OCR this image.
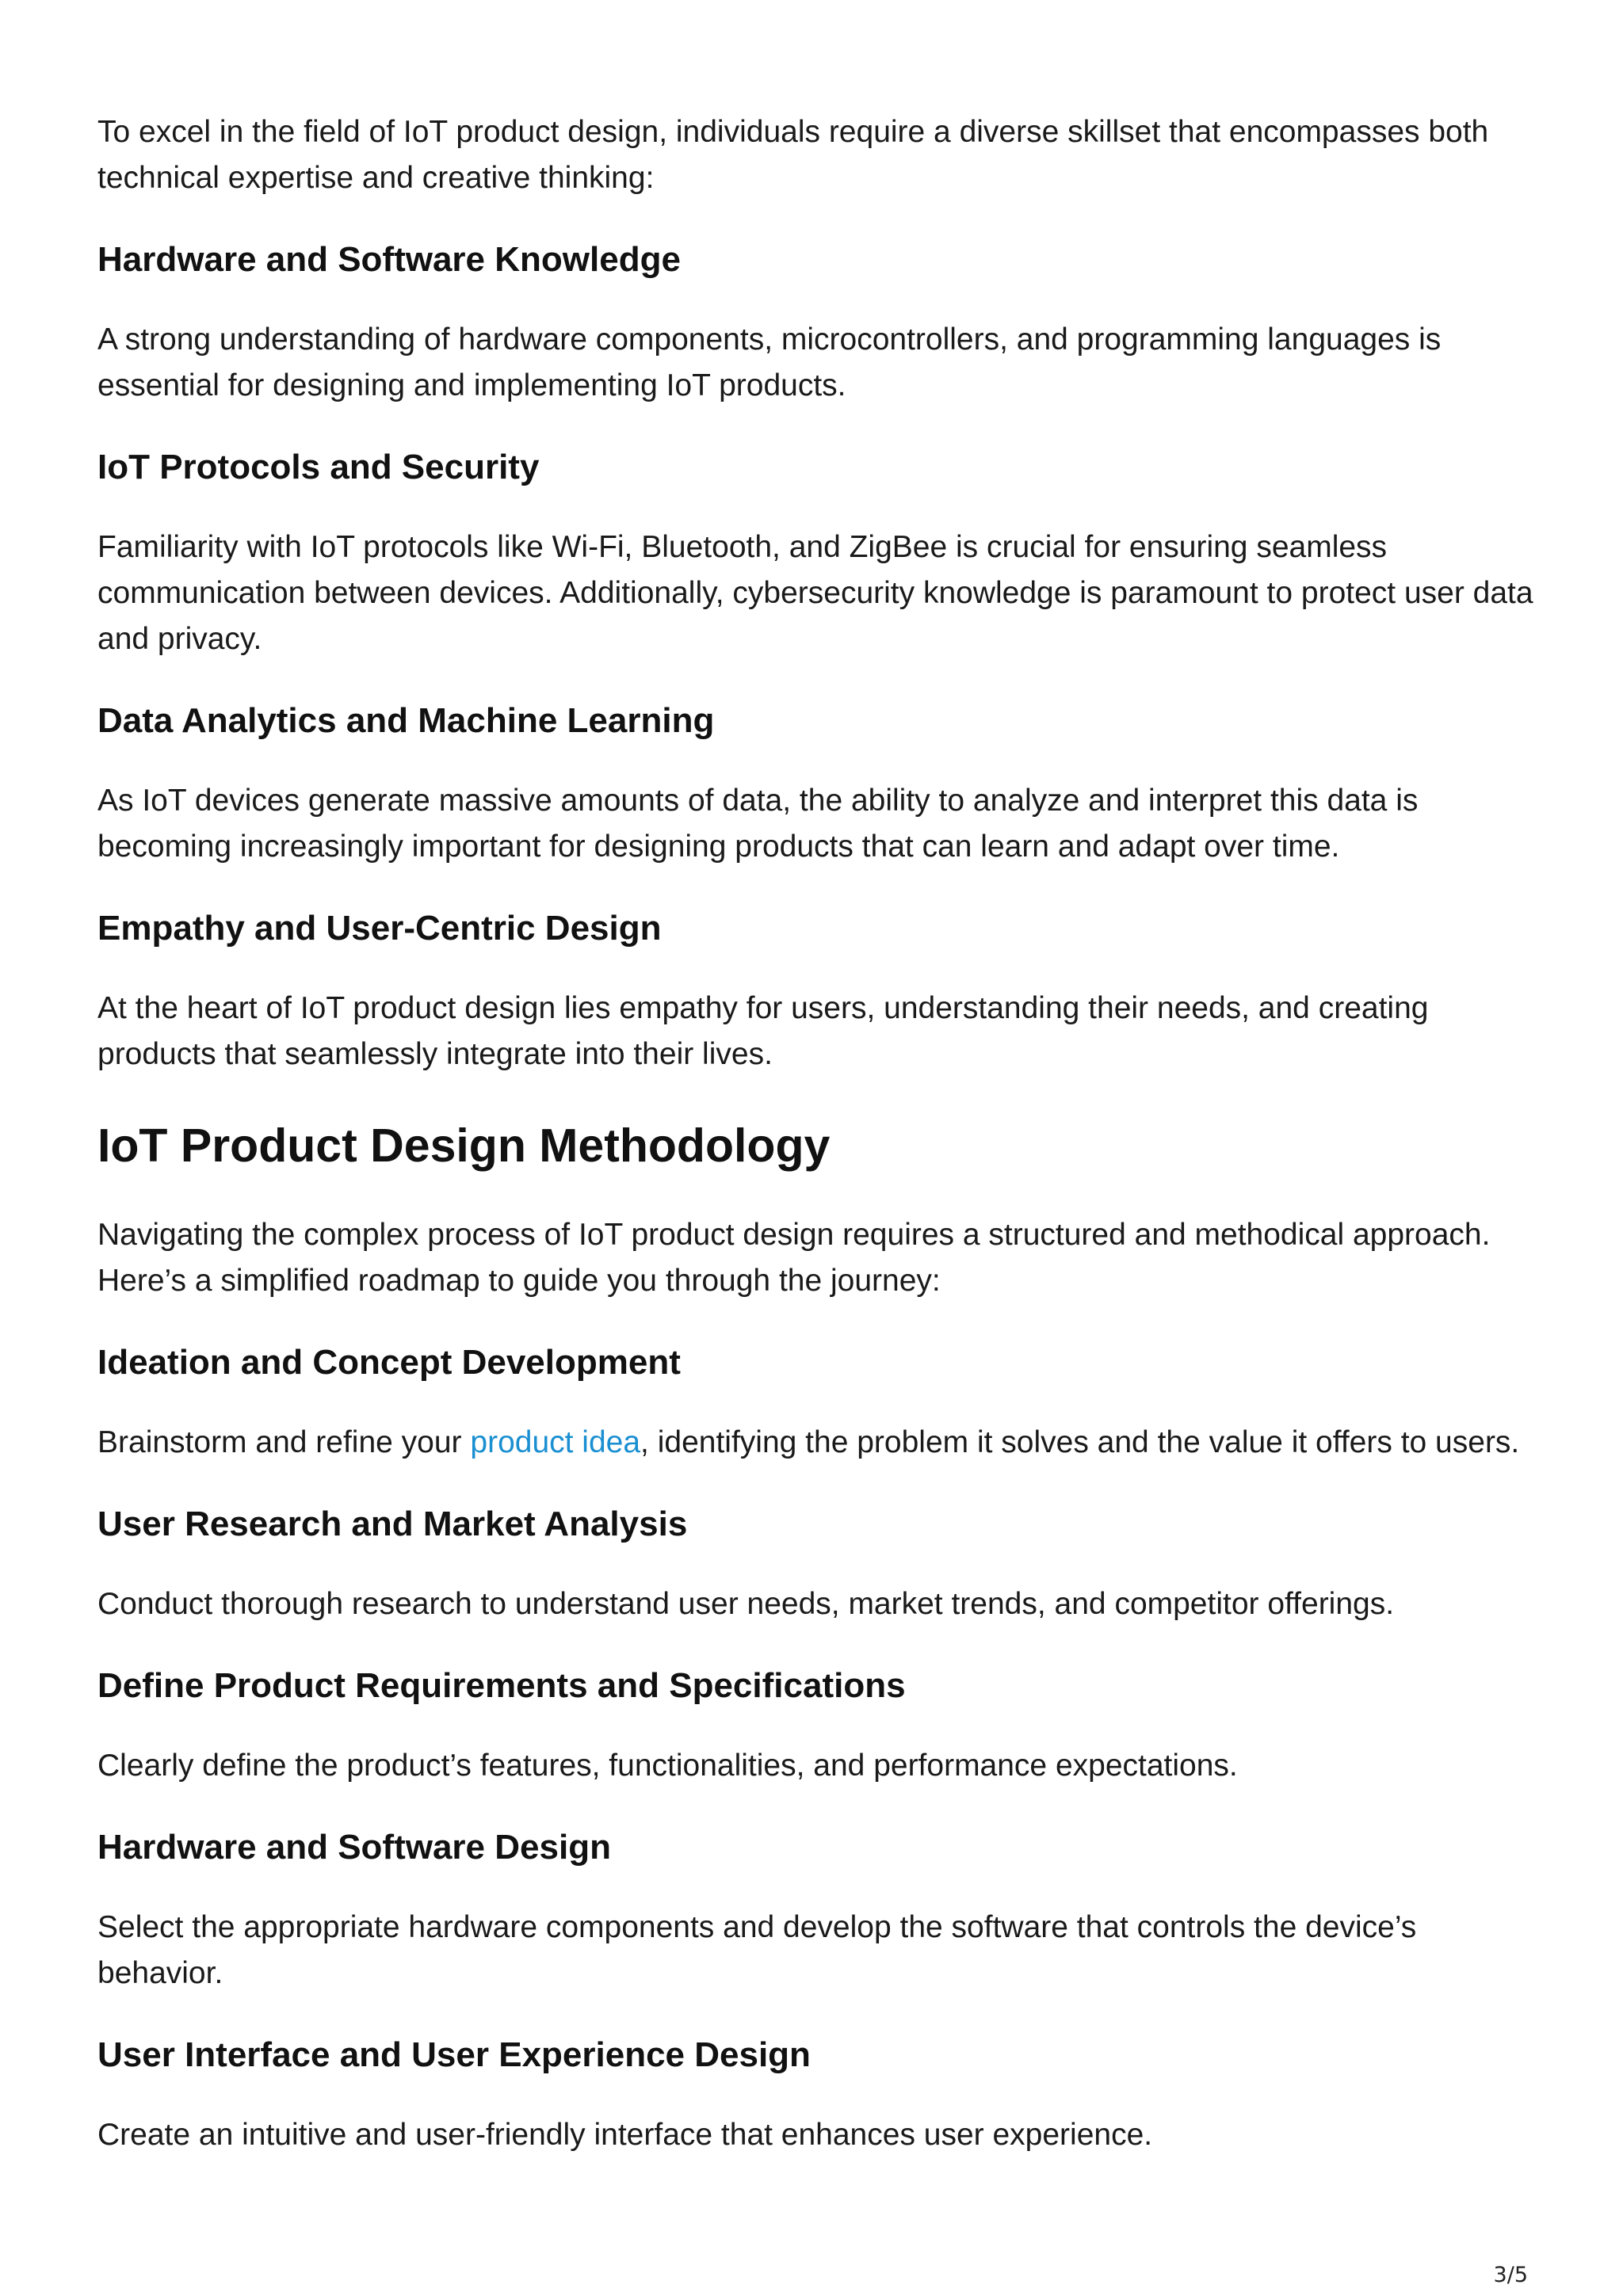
To excel in the field of IoT product design, individuals require a diverse skillset that encompasses both technical expertise and creative thinking:

Hardware and Software Knowledge

A strong understanding of hardware components, microcontrollers, and programming languages is essential for designing and implementing IoT products.

IoT Protocols and Security

Familiarity with IoT protocols like Wi-Fi, Bluetooth, and ZigBee is crucial for ensuring seamless communication between devices. Additionally, cybersecurity knowledge is paramount to protect user data and privacy.

Data Analytics and Machine Learning

As IoT devices generate massive amounts of data, the ability to analyze and interpret this data is becoming increasingly important for designing products that can learn and adapt over time.

Empathy and User-Centric Design

At the heart of IoT product design lies empathy for users, understanding their needs, and creating products that seamlessly integrate into their lives.

IoT Product Design Methodology

Navigating the complex process of IoT product design requires a structured and methodical approach. Here’s a simplified roadmap to guide you through the journey:

Ideation and Concept Development

Brainstorm and refine your product idea, identifying the problem it solves and the value it offers to users.

User Research and Market Analysis

Conduct thorough research to understand user needs, market trends, and competitor offerings.

Define Product Requirements and Specifications

Clearly define the product’s features, functionalities, and performance expectations.

Hardware and Software Design

Select the appropriate hardware components and develop the software that controls the device’s behavior.

User Interface and User Experience Design

Create an intuitive and user-friendly interface that enhances user experience.

3/5
